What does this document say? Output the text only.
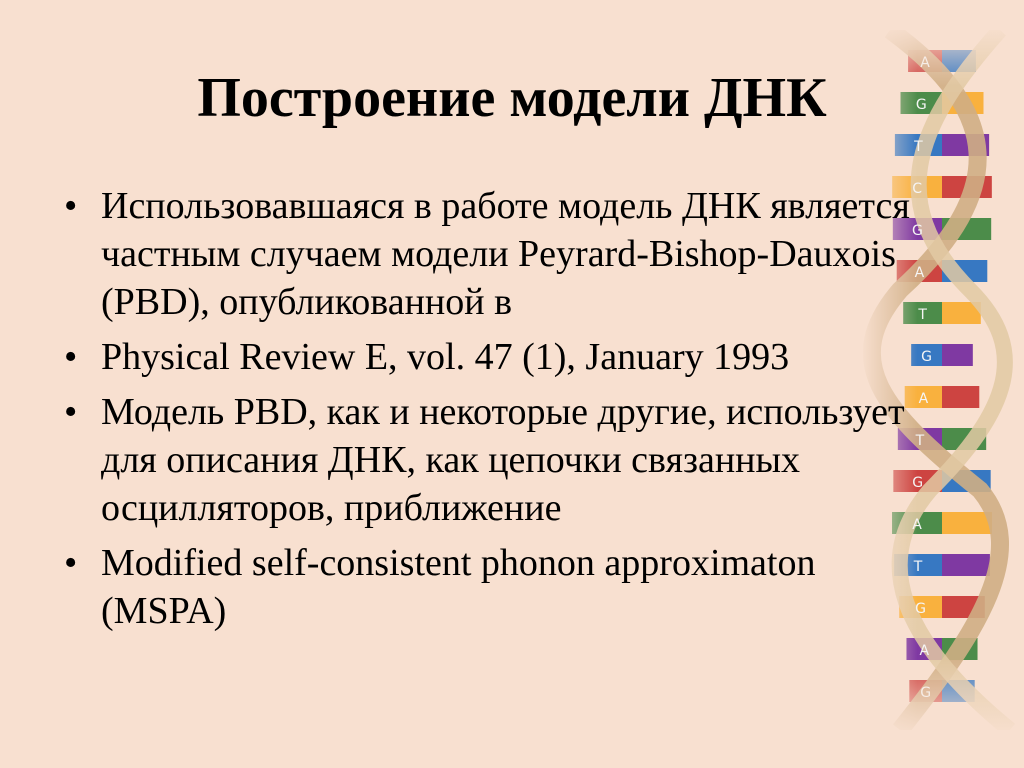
Построение модели ДНК
• Использовавшаяся в работе модель ДНК является частным случаем модели Peyrard-Bishop-Dauxois (PBD), опубликованной в
• Physical Review E, vol. 47 (1), January 1993
• Модель PBD, как и некоторые другие, использует для описания ДНК, как цепочки связанных осцилляторов, приближение
• Modified self-consistent phonon approximaton (MSPA)
